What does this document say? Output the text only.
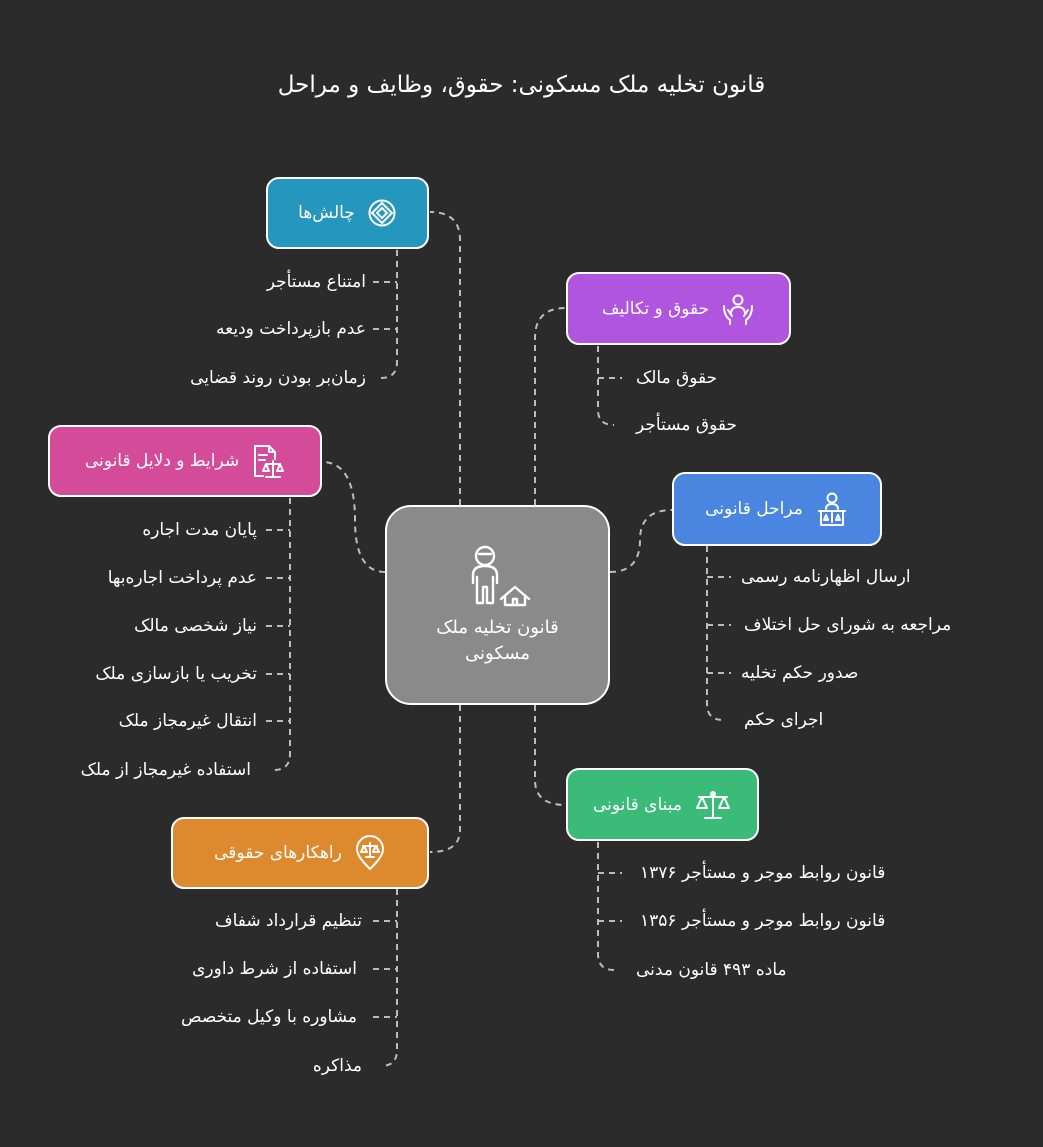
قانون تخلیه ملک مسکونی: حقوق، وظایف و مراحل
قانون تخلیه ملک مسکونی
چالش‌ها
امتناع مستأجر
عدم بازپرداخت ودیعه
زمان‌بر بودن روند قضایی
حقوق و تکالیف
حقوق مالک
حقوق مستأجر
شرایط و دلایل قانونی
پایان مدت اجاره
عدم پرداخت اجاره‌بها
نیاز شخصی مالک
تخریب یا بازسازی ملک
انتقال غیرمجاز ملک
استفاده غیرمجاز از ملک
مراحل قانونی
ارسال اظهارنامه رسمی
مراجعه به شورای حل اختلاف
صدور حکم تخلیه
اجرای حکم
مبنای قانونی
قانون روابط موجر و مستأجر ۱۳۷۶
قانون روابط موجر و مستأجر ۱۳۵۶
ماده ۴۹۳ قانون مدنی
راهکارهای حقوقی
تنظیم قرارداد شفاف
استفاده از شرط داوری
مشاوره با وکیل متخصص
مذاکره
